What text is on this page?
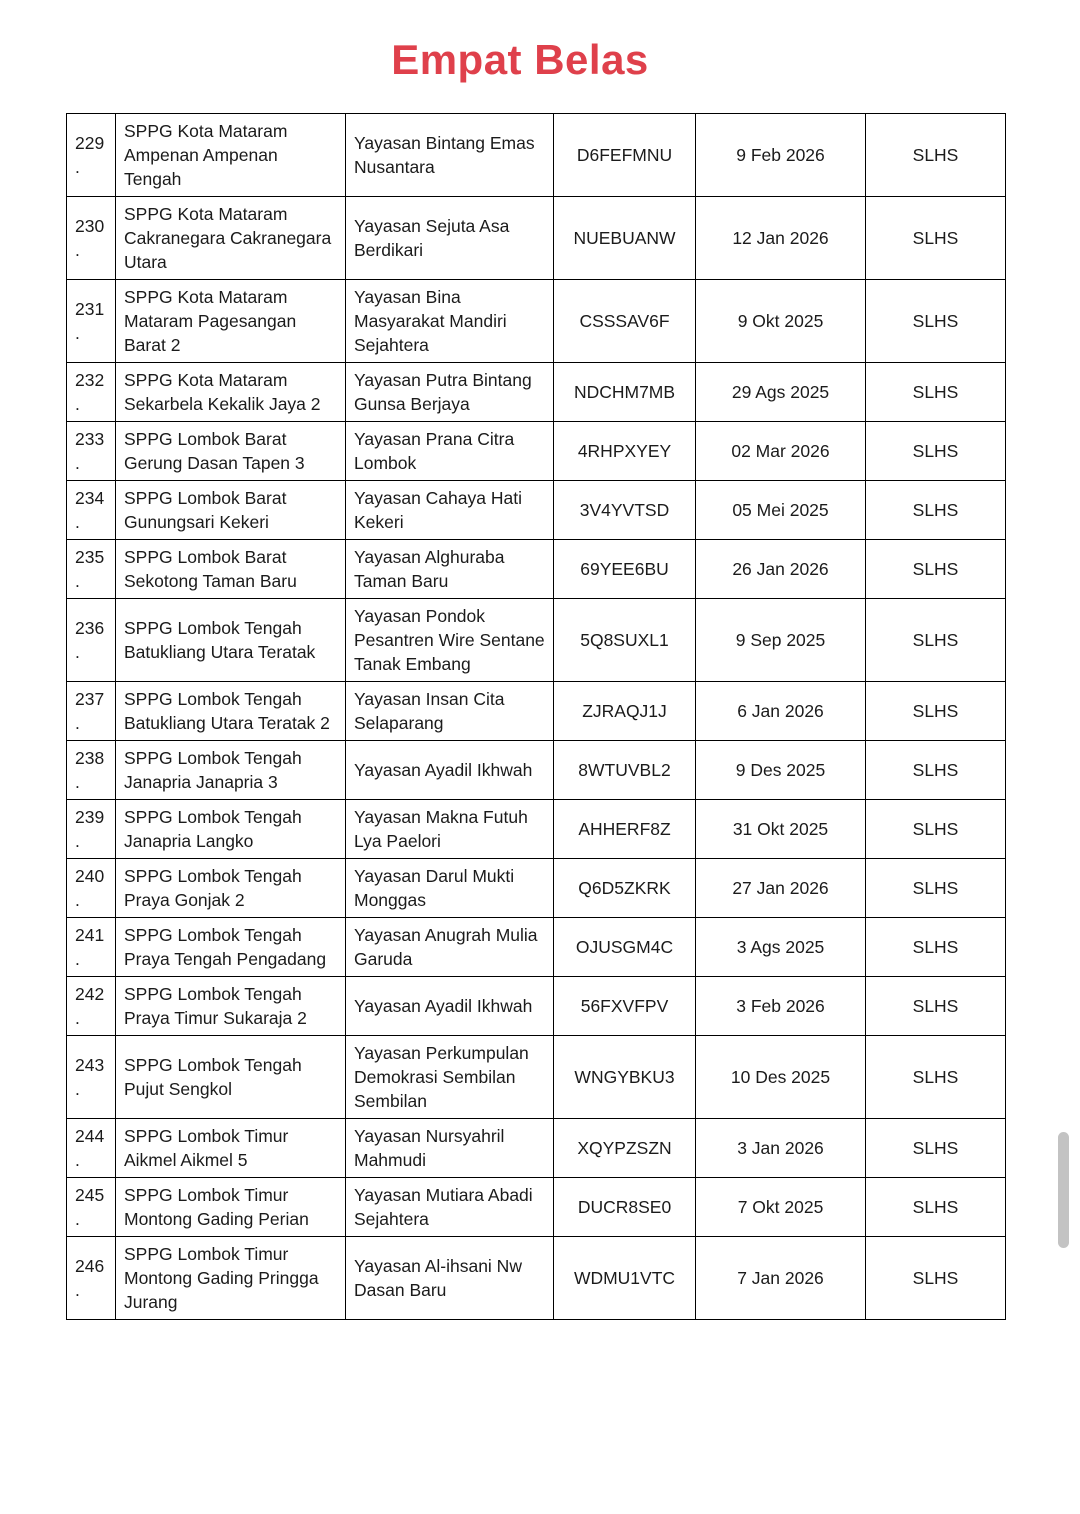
Empat Belas
229.	SPPG Kota Mataram Ampenan Ampenan Tengah	Yayasan Bintang Emas Nusantara	D6FEFMNU	9 Feb 2026	SLHS
230.	SPPG Kota Mataram Cakranegara Cakranegara Utara	Yayasan Sejuta Asa Berdikari	NUEBUANW	12 Jan 2026	SLHS
231.	SPPG Kota Mataram Mataram Pagesangan Barat 2	Yayasan Bina Masyarakat Mandiri Sejahtera	CSSSAV6F	9 Okt 2025	SLHS
232.	SPPG Kota Mataram Sekarbela Kekalik Jaya 2	Yayasan Putra Bintang Gunsa Berjaya	NDCHM7MB	29 Ags 2025	SLHS
233.	SPPG Lombok Barat Gerung Dasan Tapen 3	Yayasan Prana Citra Lombok	4RHPXYEY	02 Mar 2026	SLHS
234.	SPPG Lombok Barat Gunungsari Kekeri	Yayasan Cahaya Hati Kekeri	3V4YVTSD	05 Mei 2025	SLHS
235.	SPPG Lombok Barat Sekotong Taman Baru	Yayasan Alghuraba Taman Baru	69YEE6BU	26 Jan 2026	SLHS
236.	SPPG Lombok Tengah Batukliang Utara Teratak	Yayasan Pondok Pesantren Wire Sentane Tanak Embang	5Q8SUXL1	9 Sep 2025	SLHS
237.	SPPG Lombok Tengah Batukliang Utara Teratak 2	Yayasan Insan Cita Selaparang	ZJRAQJ1J	6 Jan 2026	SLHS
238.	SPPG Lombok Tengah Janapria Janapria 3	Yayasan Ayadil Ikhwah	8WTUVBL2	9 Des 2025	SLHS
239.	SPPG Lombok Tengah Janapria Langko	Yayasan Makna Futuh Lya Paelori	AHHERF8Z	31 Okt 2025	SLHS
240.	SPPG Lombok Tengah Praya Gonjak 2	Yayasan Darul Mukti Monggas	Q6D5ZKRK	27 Jan 2026	SLHS
241.	SPPG Lombok Tengah Praya Tengah Pengadang	Yayasan Anugrah Mulia Garuda	OJUSGM4C	3 Ags 2025	SLHS
242.	SPPG Lombok Tengah Praya Timur Sukaraja 2	Yayasan Ayadil Ikhwah	56FXVFPV	3 Feb 2026	SLHS
243.	SPPG Lombok Tengah Pujut Sengkol	Yayasan Perkumpulan Demokrasi Sembilan Sembilan	WNGYBKU3	10 Des 2025	SLHS
244.	SPPG Lombok Timur Aikmel Aikmel 5	Yayasan Nursyahril Mahmudi	XQYPZSZN	3 Jan 2026	SLHS
245.	SPPG Lombok Timur Montong Gading Perian	Yayasan Mutiara Abadi Sejahtera	DUCR8SE0	7 Okt 2025	SLHS
246.	SPPG Lombok Timur Montong Gading Pringga Jurang	Yayasan Al-ihsani Nw Dasan Baru	WDMU1VTC	7 Jan 2026	SLHS
